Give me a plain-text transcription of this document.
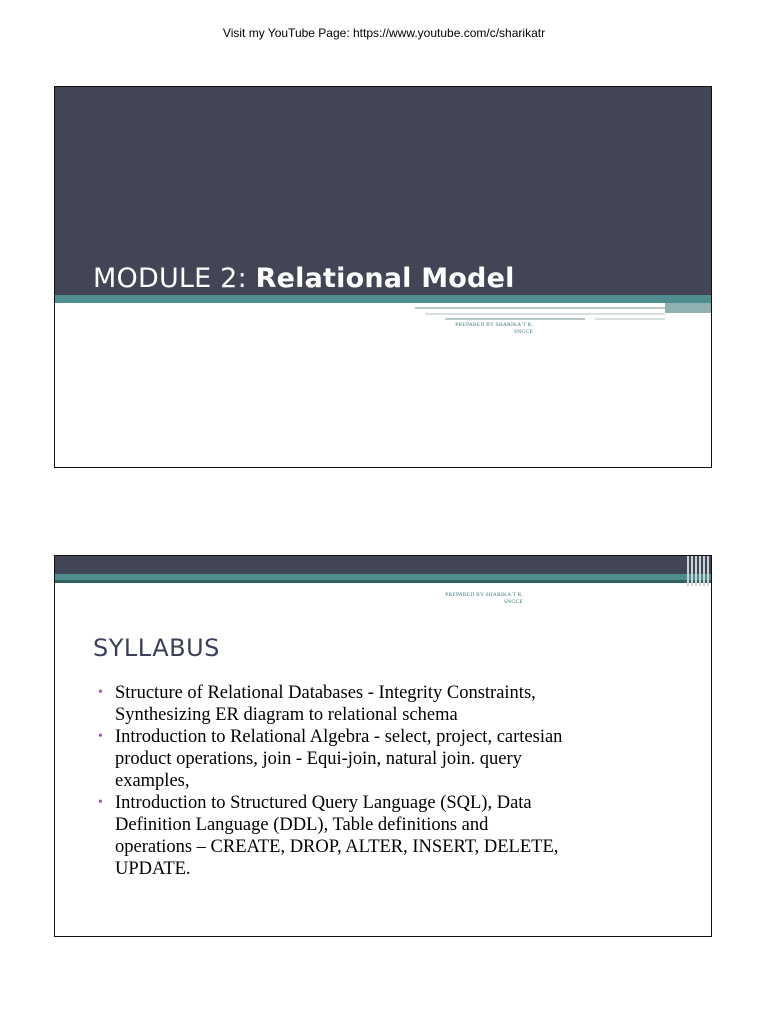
Visit my YouTube Page: https://www.youtube.com/c/sharikatr
MODULE 2: Relational Model
PREPARED BY SHARIKA T R,
SNGCE
PREPARED BY SHARIKA T R,
SNGCE
SYLLABUS
• Structure of Relational Databases - Integrity Constraints,
Synthesizing ER diagram to relational schema
• Introduction to Relational Algebra - select, project, cartesian
product operations, join - Equi-join, natural join. query
examples,
• Introduction to Structured Query Language (SQL), Data
Definition Language (DDL), Table definitions and
operations – CREATE, DROP, ALTER, INSERT, DELETE,
UPDATE.
